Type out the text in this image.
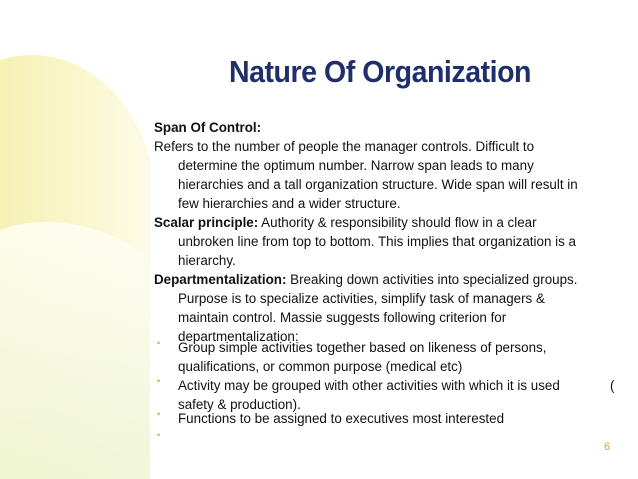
Nature Of Organization
Span Of Control:
Refers to the number of people the manager controls. Difficult to
determine the optimum number. Narrow span leads to many
hierarchies and a tall organization structure. Wide span will result in
few hierarchies and a wider structure.
Scalar principle: Authority & responsibility should flow in a clear
unbroken line from top to bottom. This implies that organization is a
hierarchy.
Departmentalization: Breaking down activities into specialized groups.
Purpose is to specialize activities, simplify task of managers &
maintain control. Massie suggests following criterion for
departmentalization:
• Group simple activities together based on likeness of persons,
qualifications, or common purpose (medical etc)
• Activity may be grouped with other activities with which it is used	(
safety & production).
• Functions to be assigned to executives most interested
•
6
